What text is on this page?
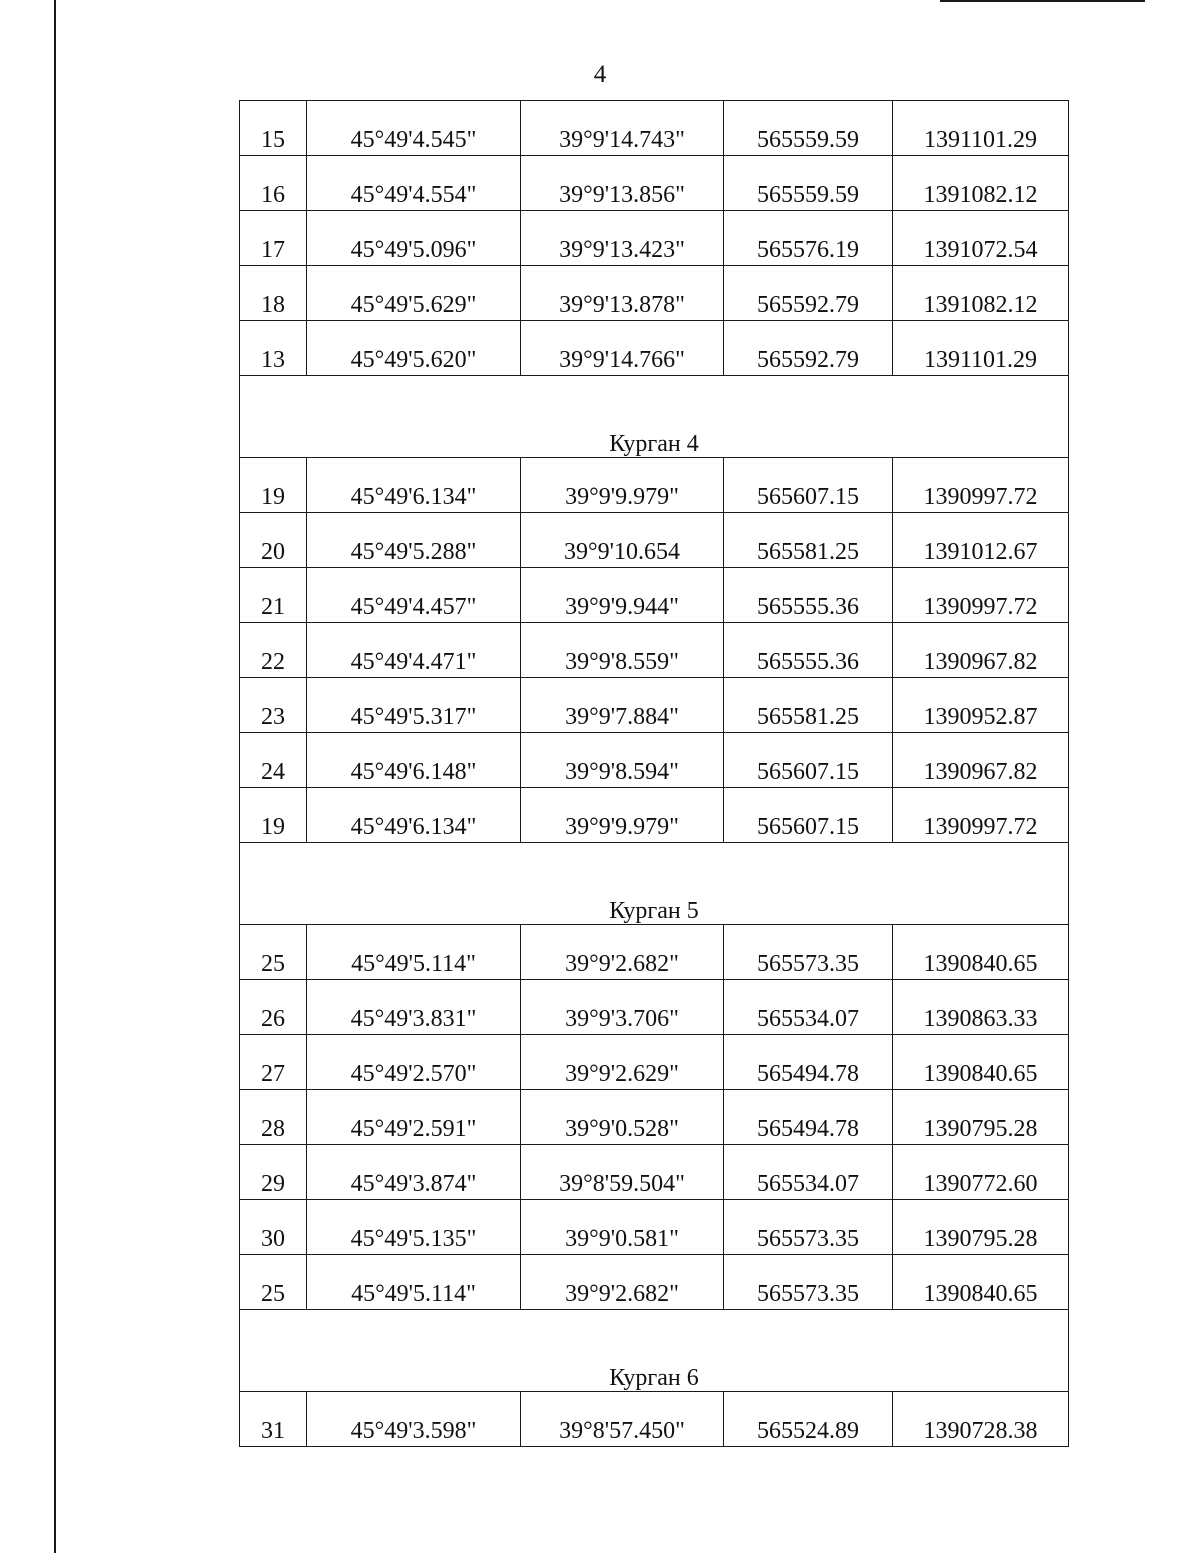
4
15	45°49'4.545"	39°9'14.743"	565559.59	1391101.29
16	45°49'4.554"	39°9'13.856"	565559.59	1391082.12
17	45°49'5.096"	39°9'13.423"	565576.19	1391072.54
18	45°49'5.629"	39°9'13.878"	565592.79	1391082.12
13	45°49'5.620"	39°9'14.766"	565592.79	1391101.29
Курган 4				
19	45°49'6.134"	39°9'9.979"	565607.15	1390997.72
20	45°49'5.288"	39°9'10.654	565581.25	1391012.67
21	45°49'4.457"	39°9'9.944"	565555.36	1390997.72
22	45°49'4.471"	39°9'8.559"	565555.36	1390967.82
23	45°49'5.317"	39°9'7.884"	565581.25	1390952.87
24	45°49'6.148"	39°9'8.594"	565607.15	1390967.82
19	45°49'6.134"	39°9'9.979"	565607.15	1390997.72
Курган 5				
25	45°49'5.114"	39°9'2.682"	565573.35	1390840.65
26	45°49'3.831"	39°9'3.706"	565534.07	1390863.33
27	45°49'2.570"	39°9'2.629"	565494.78	1390840.65
28	45°49'2.591"	39°9'0.528"	565494.78	1390795.28
29	45°49'3.874"	39°8'59.504"	565534.07	1390772.60
30	45°49'5.135"	39°9'0.581"	565573.35	1390795.28
25	45°49'5.114"	39°9'2.682"	565573.35	1390840.65
Курган 6				
31	45°49'3.598"	39°8'57.450"	565524.89	1390728.38
